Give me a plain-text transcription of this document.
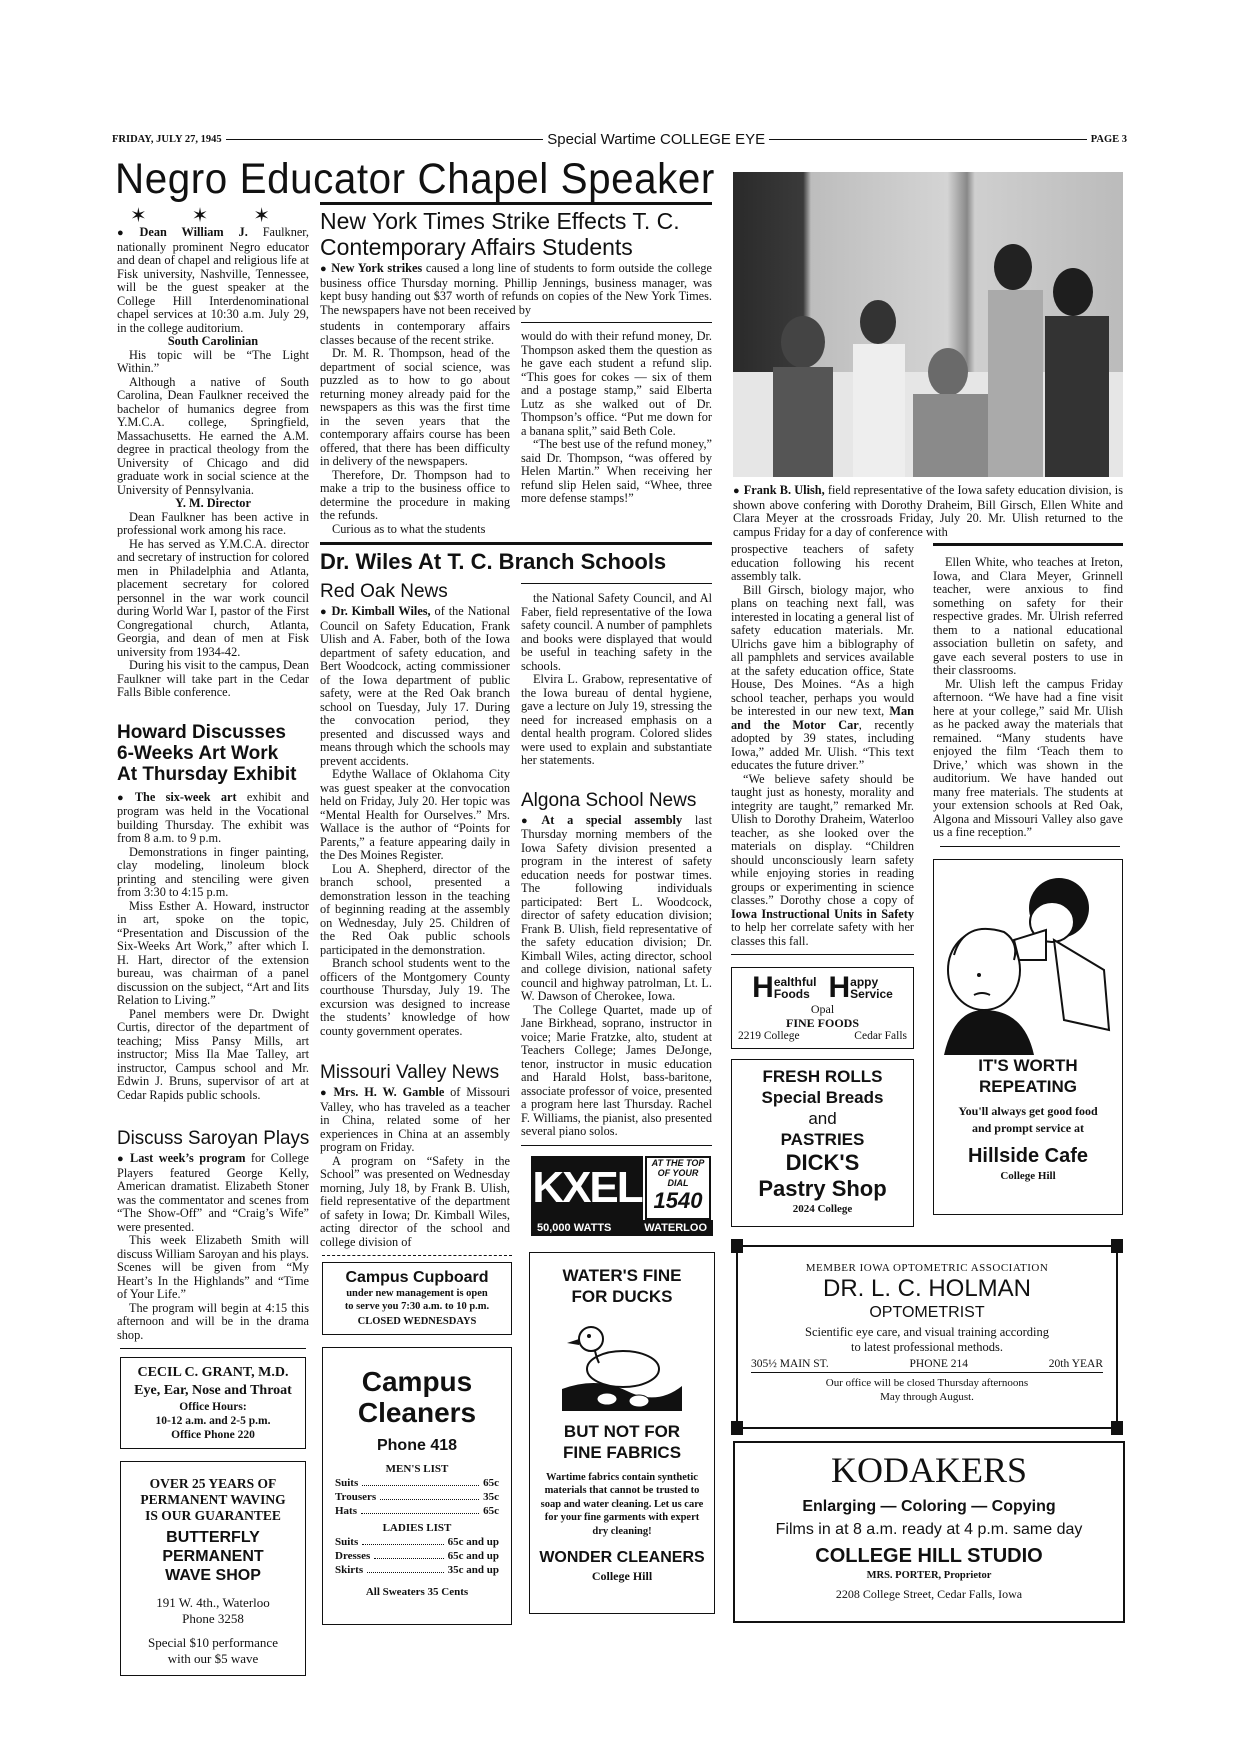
FRIDAY, JULY 27, 1945	Special Wartime COLLEGE EYE	PAGE 3
Negro Educator Chapel Speaker
✶ ✶ ✶

● Dean William J. Faulkner, nationally prominent Negro educator and dean of chapel and religious life at Fisk university, Nashville, Tennessee, will be the guest speaker at the College Hill Interdenominational chapel services at 10:30 a.m. July 29, in the college auditorium.

South Carolinian

His topic will be “The Light Within.”

Although a native of South Carolina, Dean Faulkner received the bachelor of humanics degree from Y.M.C.A. college, Springfield, Massachusetts. He earned the A.M. degree in practical theology from the University of Chicago and did graduate work in social science at the University of Pennsylvania.

Y. M. Director

Dean Faulkner has been active in professional work among his race.

He has served as Y.M.C.A. director and secretary of instruction for colored men in Philadelphia and Atlanta, placement secretary for colored personnel in the war work council during World War I, pastor of the First Congregational church, Atlanta, Georgia, and dean of men at Fisk university from 1934-42.

During his visit to the campus, Dean Faulkner will take part in the Cedar Falls Bible conference.

Howard Discusses
6-Weeks Art Work
At Thursday Exhibit

● The six-week art exhibit and program was held in the Vocational building Thursday. The exhibit was from 8 a.m. to 9 p.m.

Demonstrations in finger painting, clay modeling, linoleum block printing and stenciling were given from 3:30 to 4:15 p.m.

Miss Esther A. Howard, instructor in art, spoke on the topic, “Presentation and Discussion of the Six-Weeks Art Work,” after which I. H. Hart, director of the extension bureau, was chairman of a panel discussion on the subject, “Art and Iits Relation to Living.”

Panel members were Dr. Dwight Curtis, director of the department of teaching; Miss Pansy Mills, art instructor; Miss Ila Mae Talley, art instructor, Campus school and Mr. Edwin J. Bruns, supervisor of art at Cedar Rapids public schools.

Discuss Saroyan Plays

● Last week’s program for College Players featured George Kelly, American dramatist. Elizabeth Stoner was the commentator and scenes from “The Show-Off” and “Craig’s Wife” were presented.

This week Elizabeth Smith will discuss William Saroyan and his plays. Scenes will be given from “My Heart’s In the Highlands” and “Time of Your Life.”

The program will begin at 4:15 this afternoon and will be in the drama shop.

New York Times Strike Effects T. C.
Contemporary Affairs Students

● New York strikes caused a long line of students to form outside the college business office Thursday morning. Phillip Jennings, business manager, was kept busy handing out $37 worth of refunds on copies of the New York Times. The newspapers have not been received by

students in contemporary affairs classes because of the recent strike.

Dr. M. R. Thompson, head of the department of social science, was puzzled as to how to go about returning money already paid for the newspapers as this was the first time in the seven years that the contemporary affairs course has been offered, that there has been difficulty in delivery of the newspapers.

Therefore, Dr. Thompson had to make a trip to the business office to determine the procedure in making the refunds.

Curious as to what the students

would do with their refund money, Dr. Thompson asked them the question as he gave each student a refund slip. “This goes for cokes — six of them and a postage stamp,” said Elberta Lutz as she walked out of Dr. Thompson’s office. “Put me down for a banana split,” said Beth Cole.

“The best use of the refund money,” said Dr. Thompson, “was offered by Helen Martin.” When receiving her refund slip Helen said, “Whee, three more defense stamps!”

Dr. Wiles At T. C. Branch Schools
Red Oak News

● Dr. Kimball Wiles, of the National Council on Safety Education, Frank Ulish and A. Faber, both of the Iowa department of safety education, and Bert Woodcock, acting commissioner of the Iowa department of public safety, were at the Red Oak branch school on Tuesday, July 17. During the convocation period, they presented and discussed ways and means through which the schools may prevent accidents.

Edythe Wallace of Oklahoma City was guest speaker at the convocation held on Friday, July 20. Her topic was “Mental Health for Ourselves.” Mrs. Wallace is the author of “Points for Parents,” a feature appearing daily in the Des Moines Register.

Lou A. Shepherd, director of the branch school, presented a demonstration lesson in the teaching of beginning reading at the assembly on Wednesday, July 25. Children of the Red Oak public schools participated in the demonstration.

Branch school students went to the officers of the Montgomery County courthouse Thursday, July 19. The excursion was designed to increase the students’ knowledge of how county government operates.

Missouri Valley News

● Mrs. H. W. Gamble of Missouri Valley, who has traveled as a teacher in China, related some of her experiences in China at an assembly program on Friday.

A program on “Safety in the School” was presented on Wednesday morning, July 18, by Frank B. Ulish, field representative of the department of safety in Iowa; Dr. Kimball Wiles, acting director of the school and college division of

the National Safety Council, and Al Faber, field representative of the Iowa safety council. A number of pamphlets and books were displayed that would be useful in teaching safety in the schools.

Elvira L. Grabow, representative of the Iowa bureau of dental hygiene, gave a lecture on July 19, stressing the need for increased emphasis on a dental health program. Colored slides were used to explain and substantiate her statements.

Algona School News

● At a special assembly last Thursday morning members of the Iowa Safety division presented a program in the interest of safety education needs for postwar times. The following individuals participated: Bert L. Woodcock, director of safety education division; Frank B. Ulish, field representative of the safety education division; Dr. Kimball Wiles, acting director, school and college division, national safety council and highway patrolman, Lt. L. W. Dawson of Cherokee, Iowa.

The College Quartet, made up of Jane Birkhead, soprano, instructor in voice; Marie Fratzke, alto, student at Teachers College; James DeJonge, tenor, instructor in music education and Harald Holst, bass-baritone, associate professor of voice, presented a program here last Thursday. Rachel F. Williams, the pianist, also presented several piano solos.

● Frank B. Ulish, field representative of the Iowa safety education division, is shown above confering with Dorothy Draheim, Bill Girsch, Ellen White and Clara Meyer at the crossroads Friday, July 20. Mr. Ulish returned to the campus Friday for a day of conference with

prospective teachers of safety education following his recent assembly talk.

Bill Girsch, biology major, who plans on teaching next fall, was interested in locating a general list of safety education materials. Mr. Ulrichs gave him a biblography of all pamphlets and services available at the safety education office, State House, Des Moines. “As a high school teacher, perhaps you would be interested in our new text, Man and the Motor Car, recently adopted by 39 states, including Iowa,” added Mr. Ulish. “This text educates the future driver.”

“We believe safety should be taught just as honesty, morality and integrity are taught,” remarked Mr. Ulish to Dorothy Draheim, Waterloo teacher, as she looked over the materials on display. “Children should unconsciously learn safety while enjoying stories in reading groups or experimenting in science classes.” Dorothy chose a copy of Iowa Instructional Units in Safety to help her correlate safety with her classes this fall.

Ellen White, who teaches at Ireton, Iowa, and Clara Meyer, Grinnell teacher, were anxious to find something on safety for their respective grades. Mr. Ulrish referred them to a national educational association bulletin on safety, and gave each several posters to use in their classrooms.

Mr. Ulish left the campus Friday afternoon. “We have had a fine visit here at your college,” said Mr. Ulish as he packed away the materials that remained. “Many students have enjoyed the film ‘Teach them to Drive,’ which was shown in the auditorium. We have handed out many free materials. The students at your extension schools at Red Oak, Algona and Missouri Valley also gave us a fine reception.”

CECIL C. GRANT, M.D.
Eye, Ear, Nose and Throat
Office Hours:
10-12 a.m. and 2-5 p.m.
Office Phone 220
OVER 25 YEARS OF
PERMANENT WAVING
IS OUR GUARANTEE
BUTTERFLY
PERMANENT
WAVE SHOP
191 W. 4th., Waterloo
Phone 3258
Special $10 performance
with our $5 wave
Campus Cupboard
under new management is open
to serve you 7:30 a.m. to 10 p.m.
CLOSED WEDNESDAYS
Campus
Cleaners
Phone 418
MEN'S LIST
Suits	65c
Trousers	35c
Hats	65c
LADIES LIST
Suits	65c and up
Dresses	65c and up
Skirts	35c and up
All Sweaters 35 Cents
KXEL
50,000 WATTS	WATERLOO
AT THE TOP
OF YOUR
DIAL
1540
WATER'S FINE
FOR DUCKS
BUT NOT FOR
FINE FABRICS
Wartime fabrics contain synthetic materials that cannot be trusted to soap and water cleaning. Let us care for your fine garments with expert dry cleaning!
WONDER CLEANERS
College Hill
H ealthful
Foods H appy
Service
Opal
FINE FOODS
2219 College	Cedar Falls
FRESH ROLLS
Special Breads
and
PASTRIES
DICK'S
Pastry Shop
2024 College
IT'S WORTH
REPEATING
You'll always get good food
and prompt service at
Hillside Cafe
College Hill
MEMBER IOWA OPTOMETRIC ASSOCIATION
DR. L. C. HOLMAN
OPTOMETRIST
Scientific eye care, and visual training according
to latest professional methods.
305½ MAIN ST.	PHONE 214	20th YEAR
Our office will be closed Thursday afternoons
May through August.
KODAKERS
Enlarging — Coloring — Copying
Films in at 8 a.m. ready at 4 p.m. same day
COLLEGE HILL STUDIO
MRS. PORTER, Proprietor
2208 College Street, Cedar Falls, Iowa
